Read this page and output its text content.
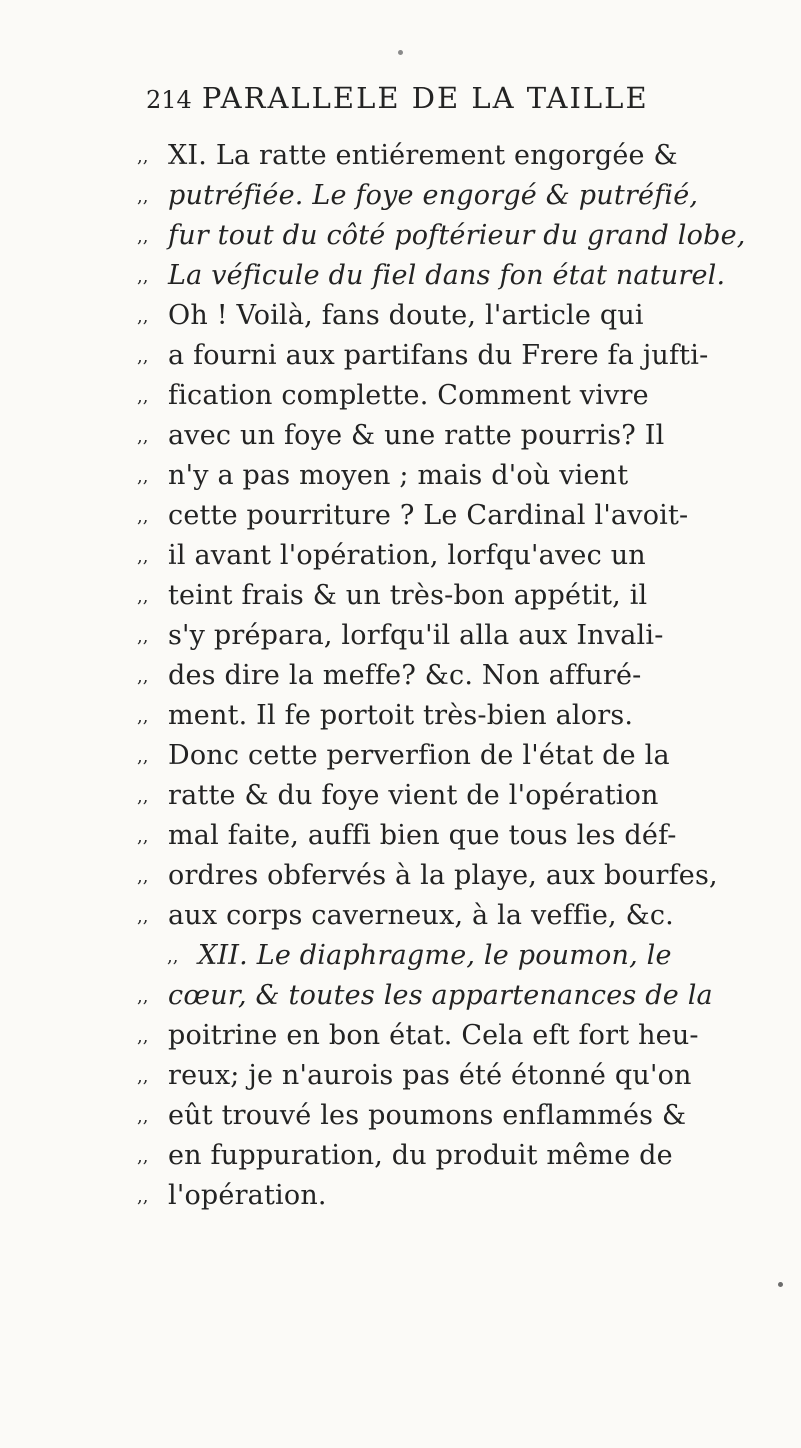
214 PARALLELE DE LA TAILLE
,, XI. La ratte entiérement engorgée &
,, putréfiée. Le foye engorgé & putréfié,
,, fur tout du côté poftérieur du grand lobe,
,, La véficule du fiel dans fon état naturel.
,, Oh ! Voilà, fans doute, l'article qui
,, a fourni aux partifans du Frere fa jufti-
,, fication complette. Comment vivre
,, avec un foye & une ratte pourris? Il
,, n'y a pas moyen ; mais d'où vient
,, cette pourriture ? Le Cardinal l'avoit-
,, il avant l'opération, lorfqu'avec un
,, teint frais & un très-bon appétit, il
,, s'y prépara, lorfqu'il alla aux Invali-
,, des dire la meffe? &c. Non affuré-
,, ment. Il fe portoit très-bien alors.
,, Donc cette perverfion de l'état de la
,, ratte & du foye vient de l'opération
,, mal faite, auffi bien que tous les déf-
,, ordres obfervés à la playe, aux bourfes,
,, aux corps caverneux, à la veffie, &c.
,, XII. Le diaphragme, le poumon, le
,, cœur, & toutes les appartenances de la
,, poitrine en bon état. Cela eft fort heu-
,, reux; je n'aurois pas été étonné qu'on
,, eût trouvé les poumons enflammés &
,, en fuppuration, du produit même de
,, l'opération.
